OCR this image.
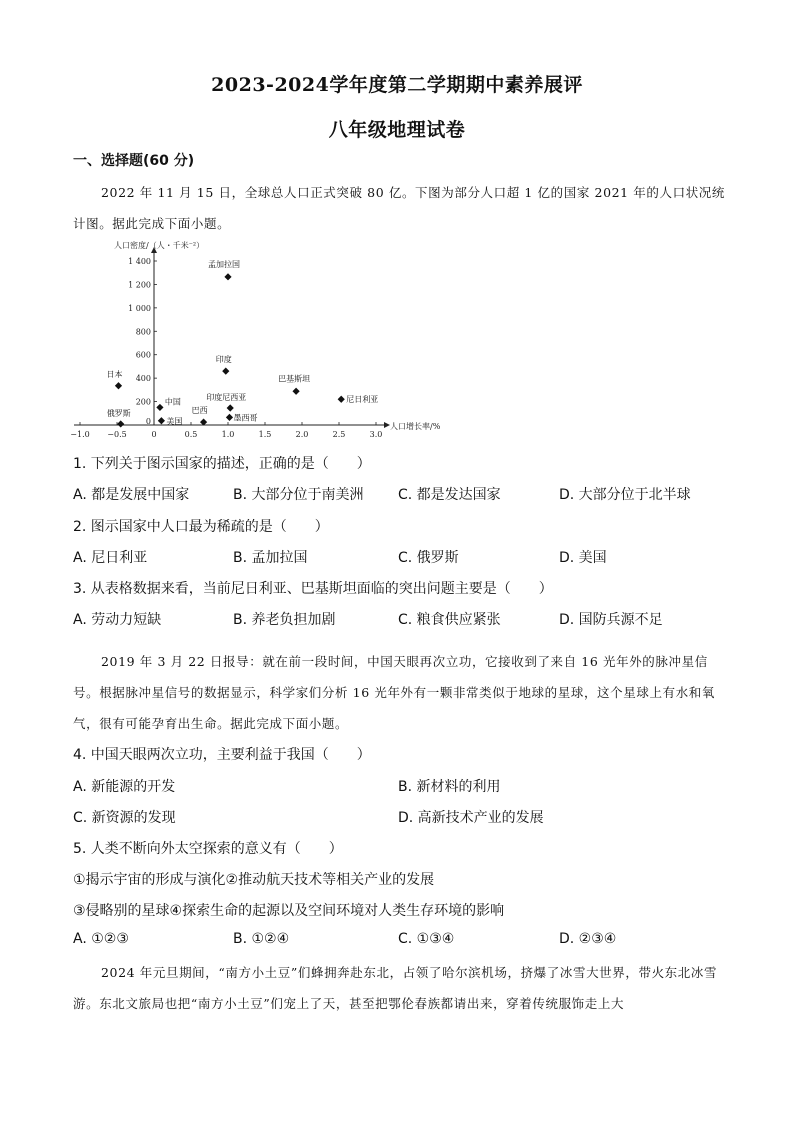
2023-2024学年度第二学期期中素养展评
八年级地理试卷
一、选择题(60 分)
2022 年 11 月 15 日，全球总人口正式突破 80 亿。下图为部分人口超 1 亿的国家 2021 年的人口状况统计图。据此完成下面小题。
人口密度/（人・千米⁻²）
人口增长率/%
−1.0 −0.5	0	0.5	1.0	1.5	2.0	2.5	3.0
200
400
600
800
1 000
1 200
1 400
0
孟加拉国
印度
日本
巴基斯坦
尼日利亚
中国	印度尼西亚
美国
巴西
墨西哥
俄罗斯
1. 下列关于图示国家的描述，正确的是（　　）
A. 都是发展中国家	B. 大部分位于南美洲 C. 都是发达国家	D. 大部分位于北半球
2. 图示国家中人口最为稀疏的是（　　）
A. 尼日利亚	B. 孟加拉国	C. 俄罗斯	D. 美国
3. 从表格数据来看，当前尼日利亚、巴基斯坦面临的突出问题主要是（　　）
A. 劳动力短缺	B. 养老负担加剧	C. 粮食供应紧张	D. 国防兵源不足
2019 年 3 月 22 日报导：就在前一段时间，中国天眼再次立功，它接收到了来自 16 光年外的脉冲星信号。根据脉冲星信号的数据显示，科学家们分析 16 光年外有一颗非常类似于地球的星球，这个星球上有水和氧气，很有可能孕育出生命。据此完成下面小题。
4. 中国天眼两次立功，主要利益于我国（　　）
A. 新能源的开发	B. 新材料的利用
C. 新资源的发现	D. 高新技术产业的发展
5. 人类不断向外太空探索的意义有（　　）
①揭示宇宙的形成与演化②推动航天技术等相关产业的发展
③侵略别的星球④探索生命的起源以及空间环境对人类生存环境的影响
A. ①②③	B. ①②④	C. ①③④	D. ②③④
2024 年元旦期间，“南方小土豆”们蜂拥奔赴东北，占领了哈尔滨机场，挤爆了冰雪大世界，带火东北冰雪游。东北文旅局也把“南方小土豆”们宠上了天，甚至把鄂伦春族都请出来，穿着传统服饰走上大
